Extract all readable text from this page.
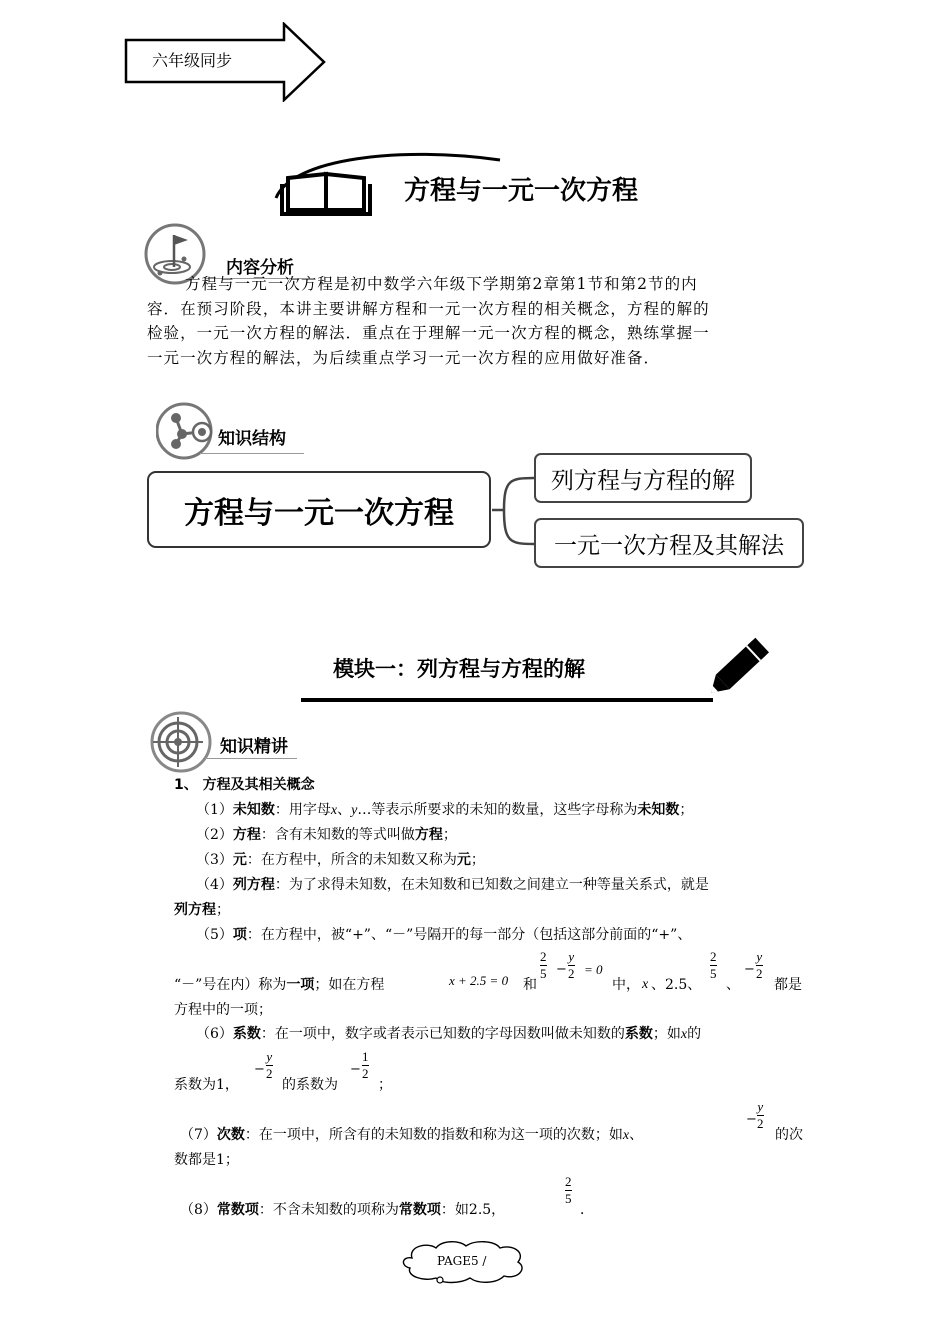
六年级同步
方程与一元一次方程
内容分析
方程与一元一次方程是初中数学六年级下学期第2章第1节和第2节的内
容．在预习阶段，本讲主要讲解方程和一元一次方程的相关概念，方程的解的
检验，一元一次方程的解法．重点在于理解一元一次方程的概念，熟练掌握一
一元一次方程的解法，为后续重点学习一元一次方程的应用做好准备．
知识结构
方程与一元一次方程
列方程与方程的解
一元一次方程及其解法
模块一：列方程与方程的解
知识精讲
1、 方程及其相关概念
（1）未知数：用字母x、y…等表示所要求的未知的数量，这些字母称为未知数；
（2）方程：含有未知数的等式叫做方程；
（3）元：在方程中，所含的未知数又称为元；
（4）列方程：为了求得未知数，在未知数和已知数之间建立一种等量关系式，就是
列方程；
（5）项：在方程中，被“+”、“－”号隔开的每一部分（包括这部分前面的“+”、
“－”号在内）称为一项；如在方程	x + 2.5 = 0 和
2
5 −
y
2 = 0
中， x 、2.5、
2
5
、
−
y
2
都是
方程中的一项；
（6）系数：在一项中，数字或者表示已知数的字母因数叫做未知数的系数；如x的
系数为1，
−
y
2
的系数为
−
1
2
；
（7）次数：在一项中，所含有的未知数的指数和称为这一项的次数；如x、
−
y
2
的次
数都是1；
（8）常数项：不含未知数的项称为常数项：如2.5，
2
5
．
PAGE5 /
